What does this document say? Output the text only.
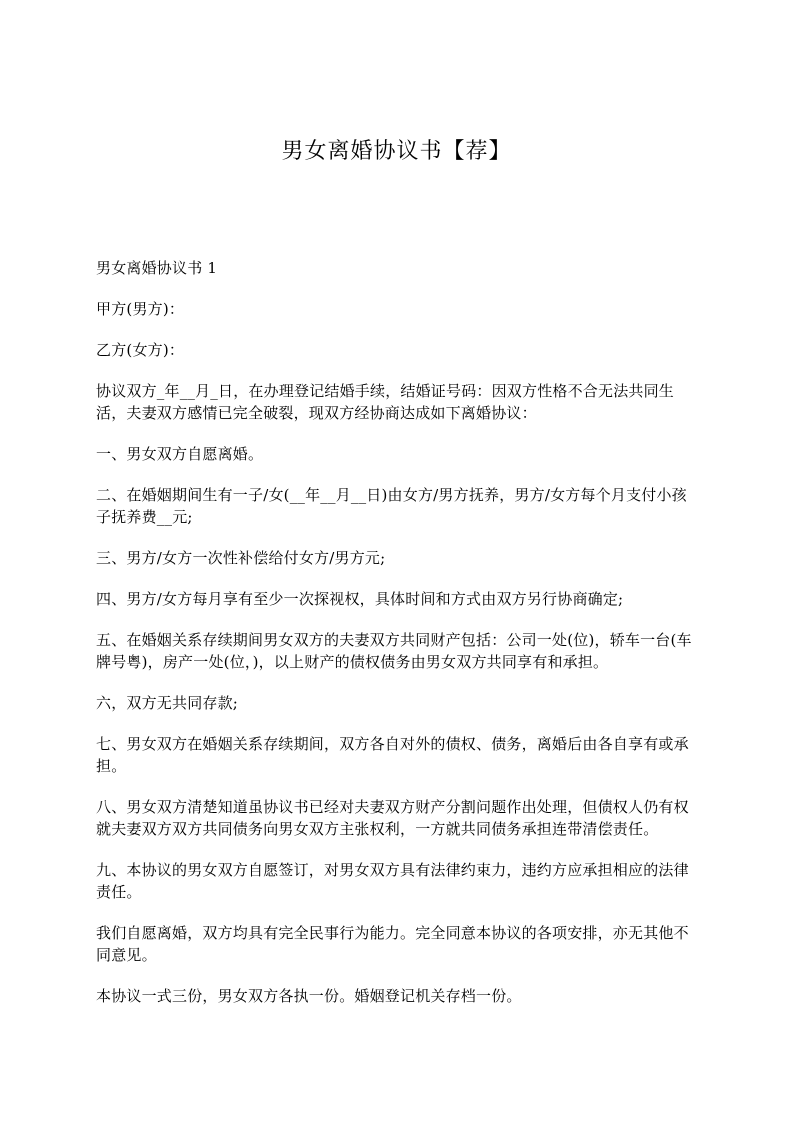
男女离婚协议书【荐】

男女离婚协议书 1

甲方(男方)：

乙方(女方)：

协议双方_年__月_日，在办理登记结婚手续，结婚证号码：因双方性格不合无法共同生活，夫妻双方感情已完全破裂，现双方经协商达成如下离婚协议：

一、男女双方自愿离婚。

二、在婚姻期间生有一子/女(__年__月__日)由女方/男方抚养，男方/女方每个月支付小孩子抚养费__元;

三、男方/女方一次性补偿给付女方/男方元;

四、男方/女方每月享有至少一次探视权，具体时间和方式由双方另行协商确定;

五、在婚姻关系存续期间男女双方的夫妻双方共同财产包括：公司一处(位)，轿车一台(车牌号粤)，房产一处(位，)，以上财产的债权债务由男女双方共同享有和承担。

六，双方无共同存款;

七、男女双方在婚姻关系存续期间，双方各自对外的债权、债务，离婚后由各自享有或承担。

八、男女双方清楚知道虽协议书已经对夫妻双方财产分割问题作出处理，但债权人仍有权就夫妻双方双方共同债务向男女双方主张权利，一方就共同债务承担连带清偿责任。

九、本协议的男女双方自愿签订，对男女双方具有法律约束力，违约方应承担相应的法律责任。

我们自愿离婚，双方均具有完全民事行为能力。完全同意本协议的各项安排，亦无其他不同意见。

本协议一式三份，男女双方各执一份。婚姻登记机关存档一份。
